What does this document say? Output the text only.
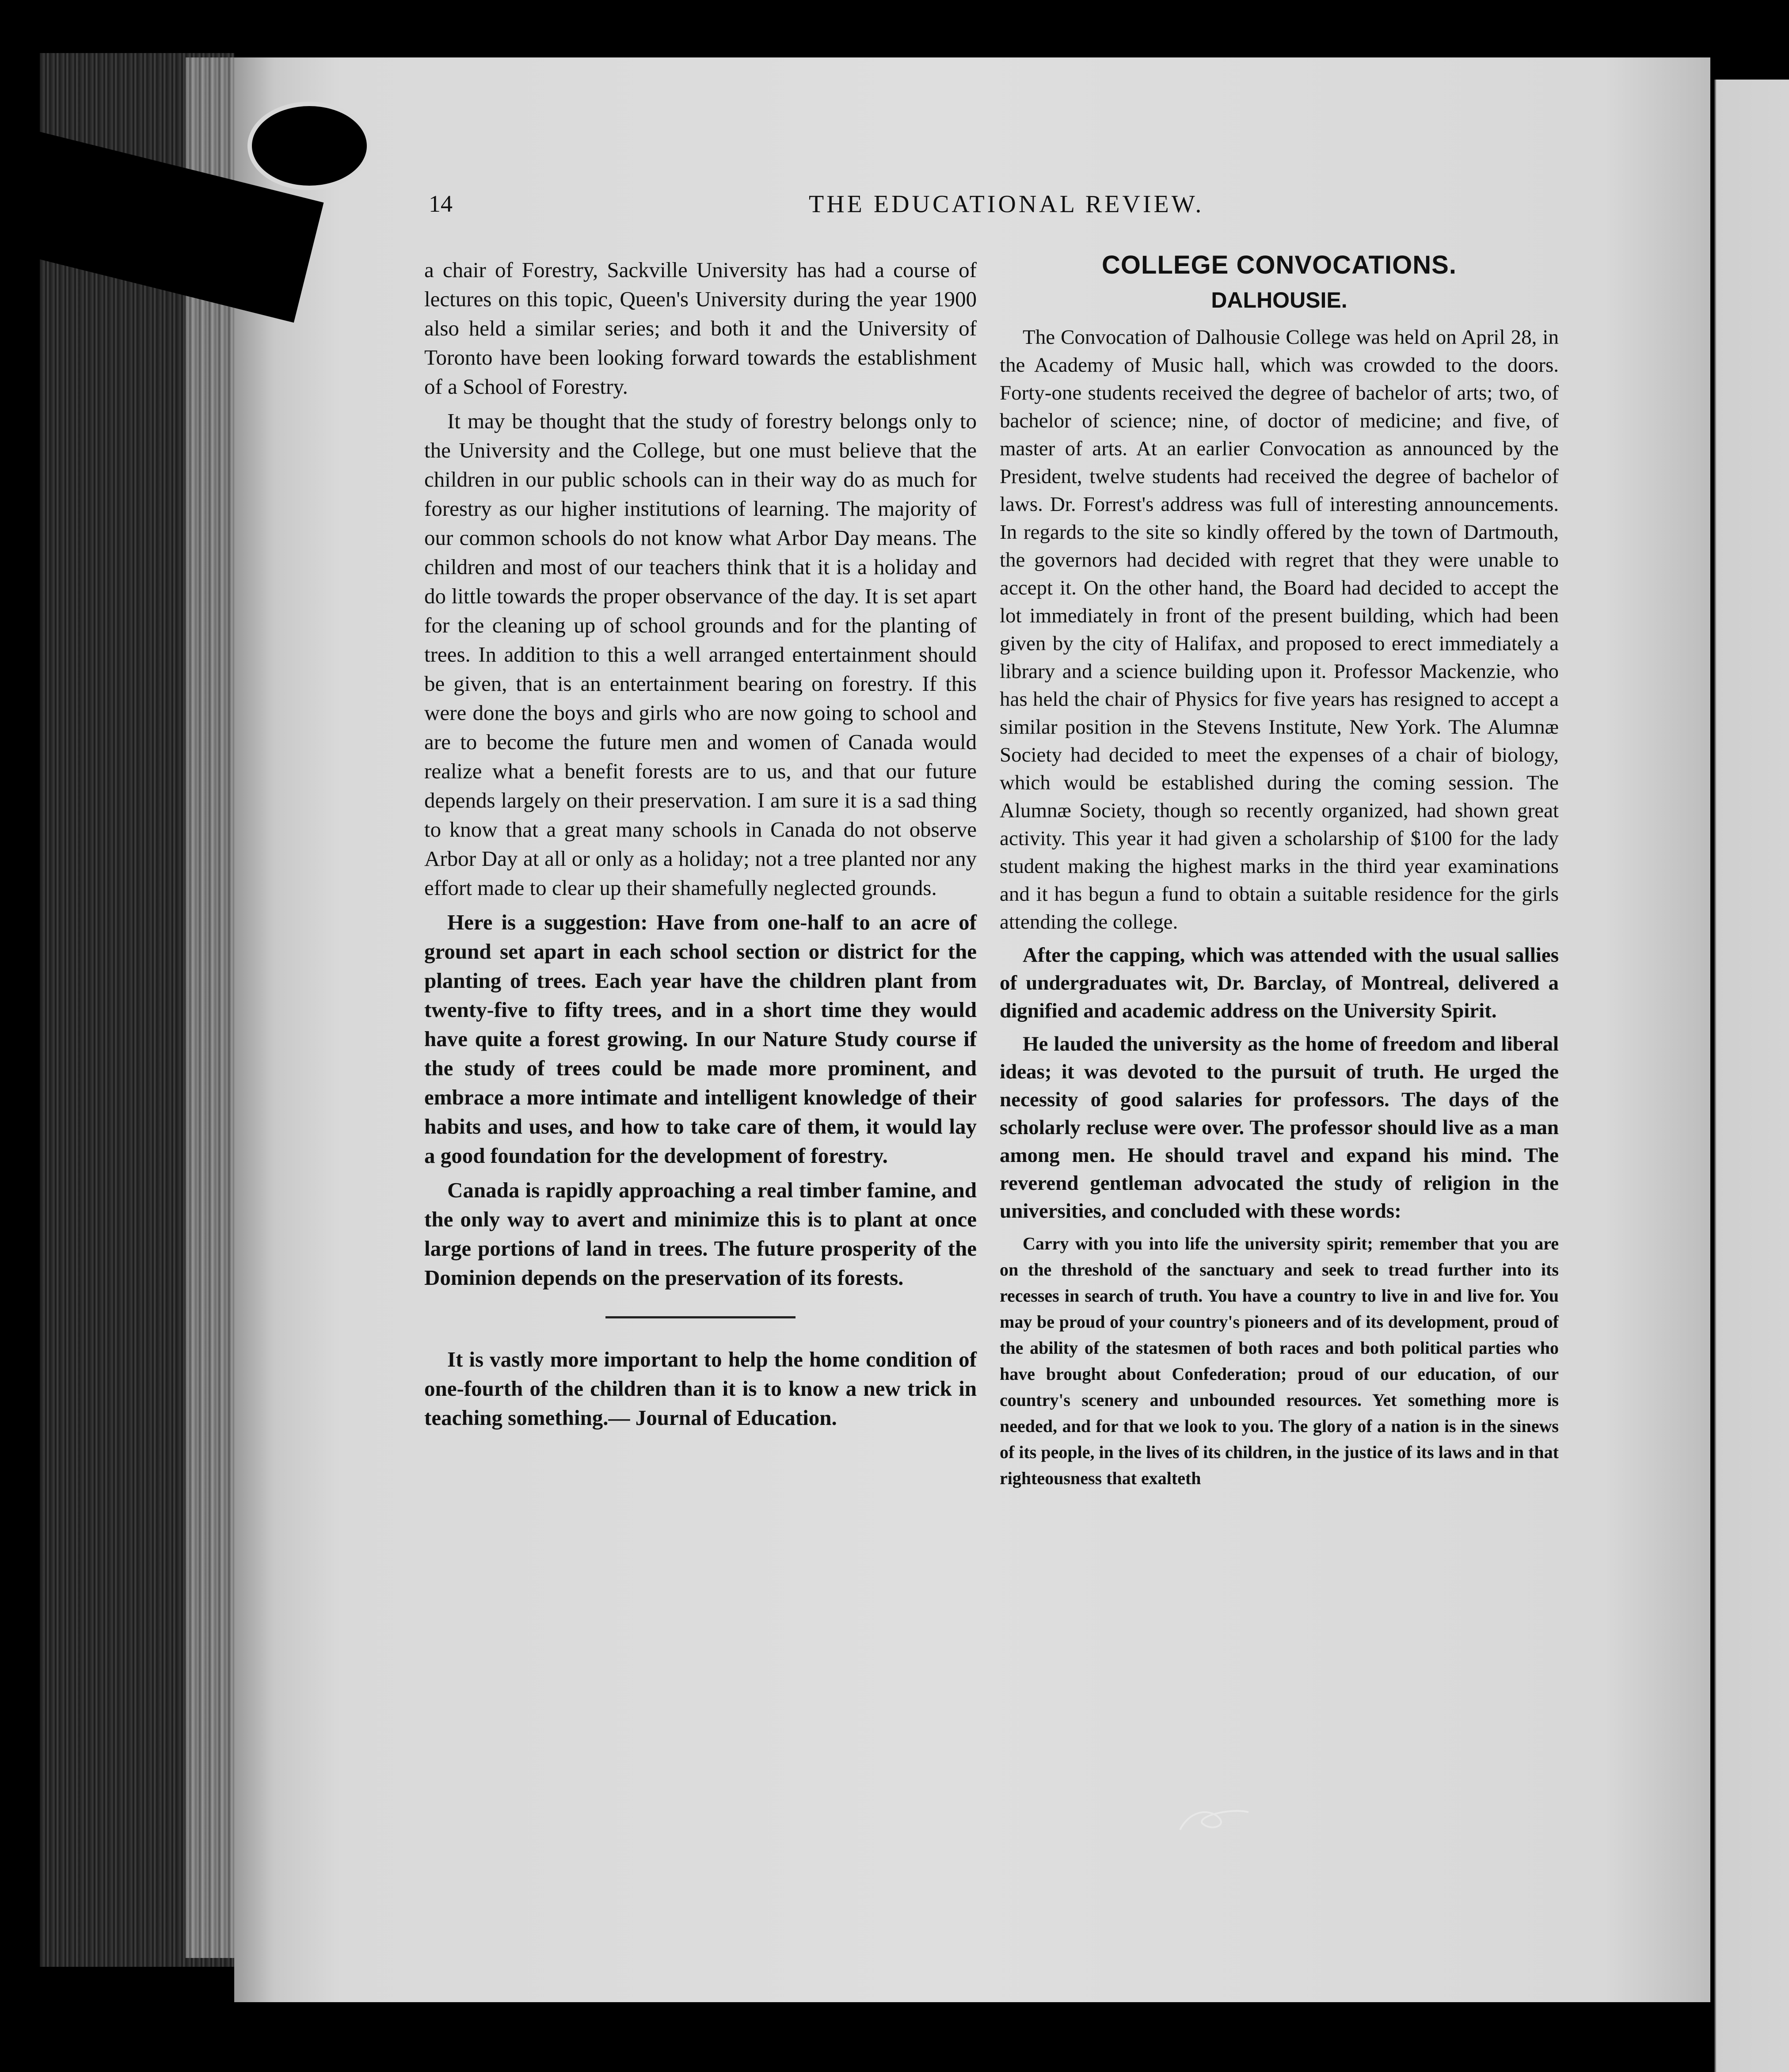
14	THE EDUCATIONAL REVIEW.

a chair of Forestry, Sackville University has had a course of lectures on this topic, Queen's University during the year 1900 also held a similar series; and both it and the University of Toronto have been looking forward towards the establishment of a School of Forestry.

It may be thought that the study of forestry belongs only to the University and the College, but one must believe that the children in our public schools can in their way do as much for forestry as our higher institutions of learning. The majority of our common schools do not know what Arbor Day means. The children and most of our teachers think that it is a holiday and do little towards the proper observance of the day. It is set apart for the cleaning up of school grounds and for the planting of trees. In addition to this a well arranged entertainment should be given, that is an entertainment bearing on forestry. If this were done the boys and girls who are now going to school and are to become the future men and women of Canada would realize what a benefit forests are to us, and that our future depends largely on their preservation. I am sure it is a sad thing to know that a great many schools in Canada do not observe Arbor Day at all or only as a holiday; not a tree planted nor any effort made to clear up their shamefully neglected grounds.

Here is a suggestion: Have from one-half to an acre of ground set apart in each school section or district for the planting of trees. Each year have the children plant from twenty-five to fifty trees, and in a short time they would have quite a forest growing. In our Nature Study course if the study of trees could be made more prominent, and embrace a more intimate and intelligent knowledge of their habits and uses, and how to take care of them, it would lay a good foundation for the development of forestry.

Canada is rapidly approaching a real timber famine, and the only way to avert and minimize this is to plant at once large portions of land in trees. The future prosperity of the Dominion depends on the preservation of its forests.

It is vastly more important to help the home condition of one-fourth of the children than it is to know a new trick in teaching something.— Journal of Education.

COLLEGE CONVOCATIONS.
DALHOUSIE.

The Convocation of Dalhousie College was held on April 28, in the Academy of Music hall, which was crowded to the doors. Forty-one students received the degree of bachelor of arts; two, of bachelor of science; nine, of doctor of medicine; and five, of master of arts. At an earlier Convocation as announced by the President, twelve students had received the degree of bachelor of laws. Dr. Forrest's address was full of interesting announcements. In regards to the site so kindly offered by the town of Dartmouth, the governors had decided with regret that they were unable to accept it. On the other hand, the Board had decided to accept the lot immediately in front of the present building, which had been given by the city of Halifax, and proposed to erect immediately a library and a science building upon it. Professor Mackenzie, who has held the chair of Physics for five years has resigned to accept a similar position in the Stevens Institute, New York. The Alumnæ Society had decided to meet the expenses of a chair of biology, which would be established during the coming session. The Alumnæ Society, though so recently organized, had shown great activity. This year it had given a scholarship of $100 for the lady student making the highest marks in the third year examinations and it has begun a fund to obtain a suitable residence for the girls attending the college.

After the capping, which was attended with the usual sallies of undergraduates wit, Dr. Barclay, of Montreal, delivered a dignified and academic address on the University Spirit.

He lauded the university as the home of freedom and liberal ideas; it was devoted to the pursuit of truth. He urged the necessity of good salaries for professors. The days of the scholarly recluse were over. The professor should live as a man among men. He should travel and expand his mind. The reverend gentleman advocated the study of religion in the universities, and concluded with these words:

Carry with you into life the university spirit; remember that you are on the threshold of the sanctuary and seek to tread further into its recesses in search of truth. You have a country to live in and live for. You may be proud of your country's pioneers and of its development, proud of the ability of the statesmen of both races and both political parties who have brought about Confederation; proud of our education, of our country's scenery and unbounded resources. Yet something more is needed, and for that we look to you. The glory of a nation is in the sinews of its people, in the lives of its children, in the justice of its laws and in that righteousness that exalteth
